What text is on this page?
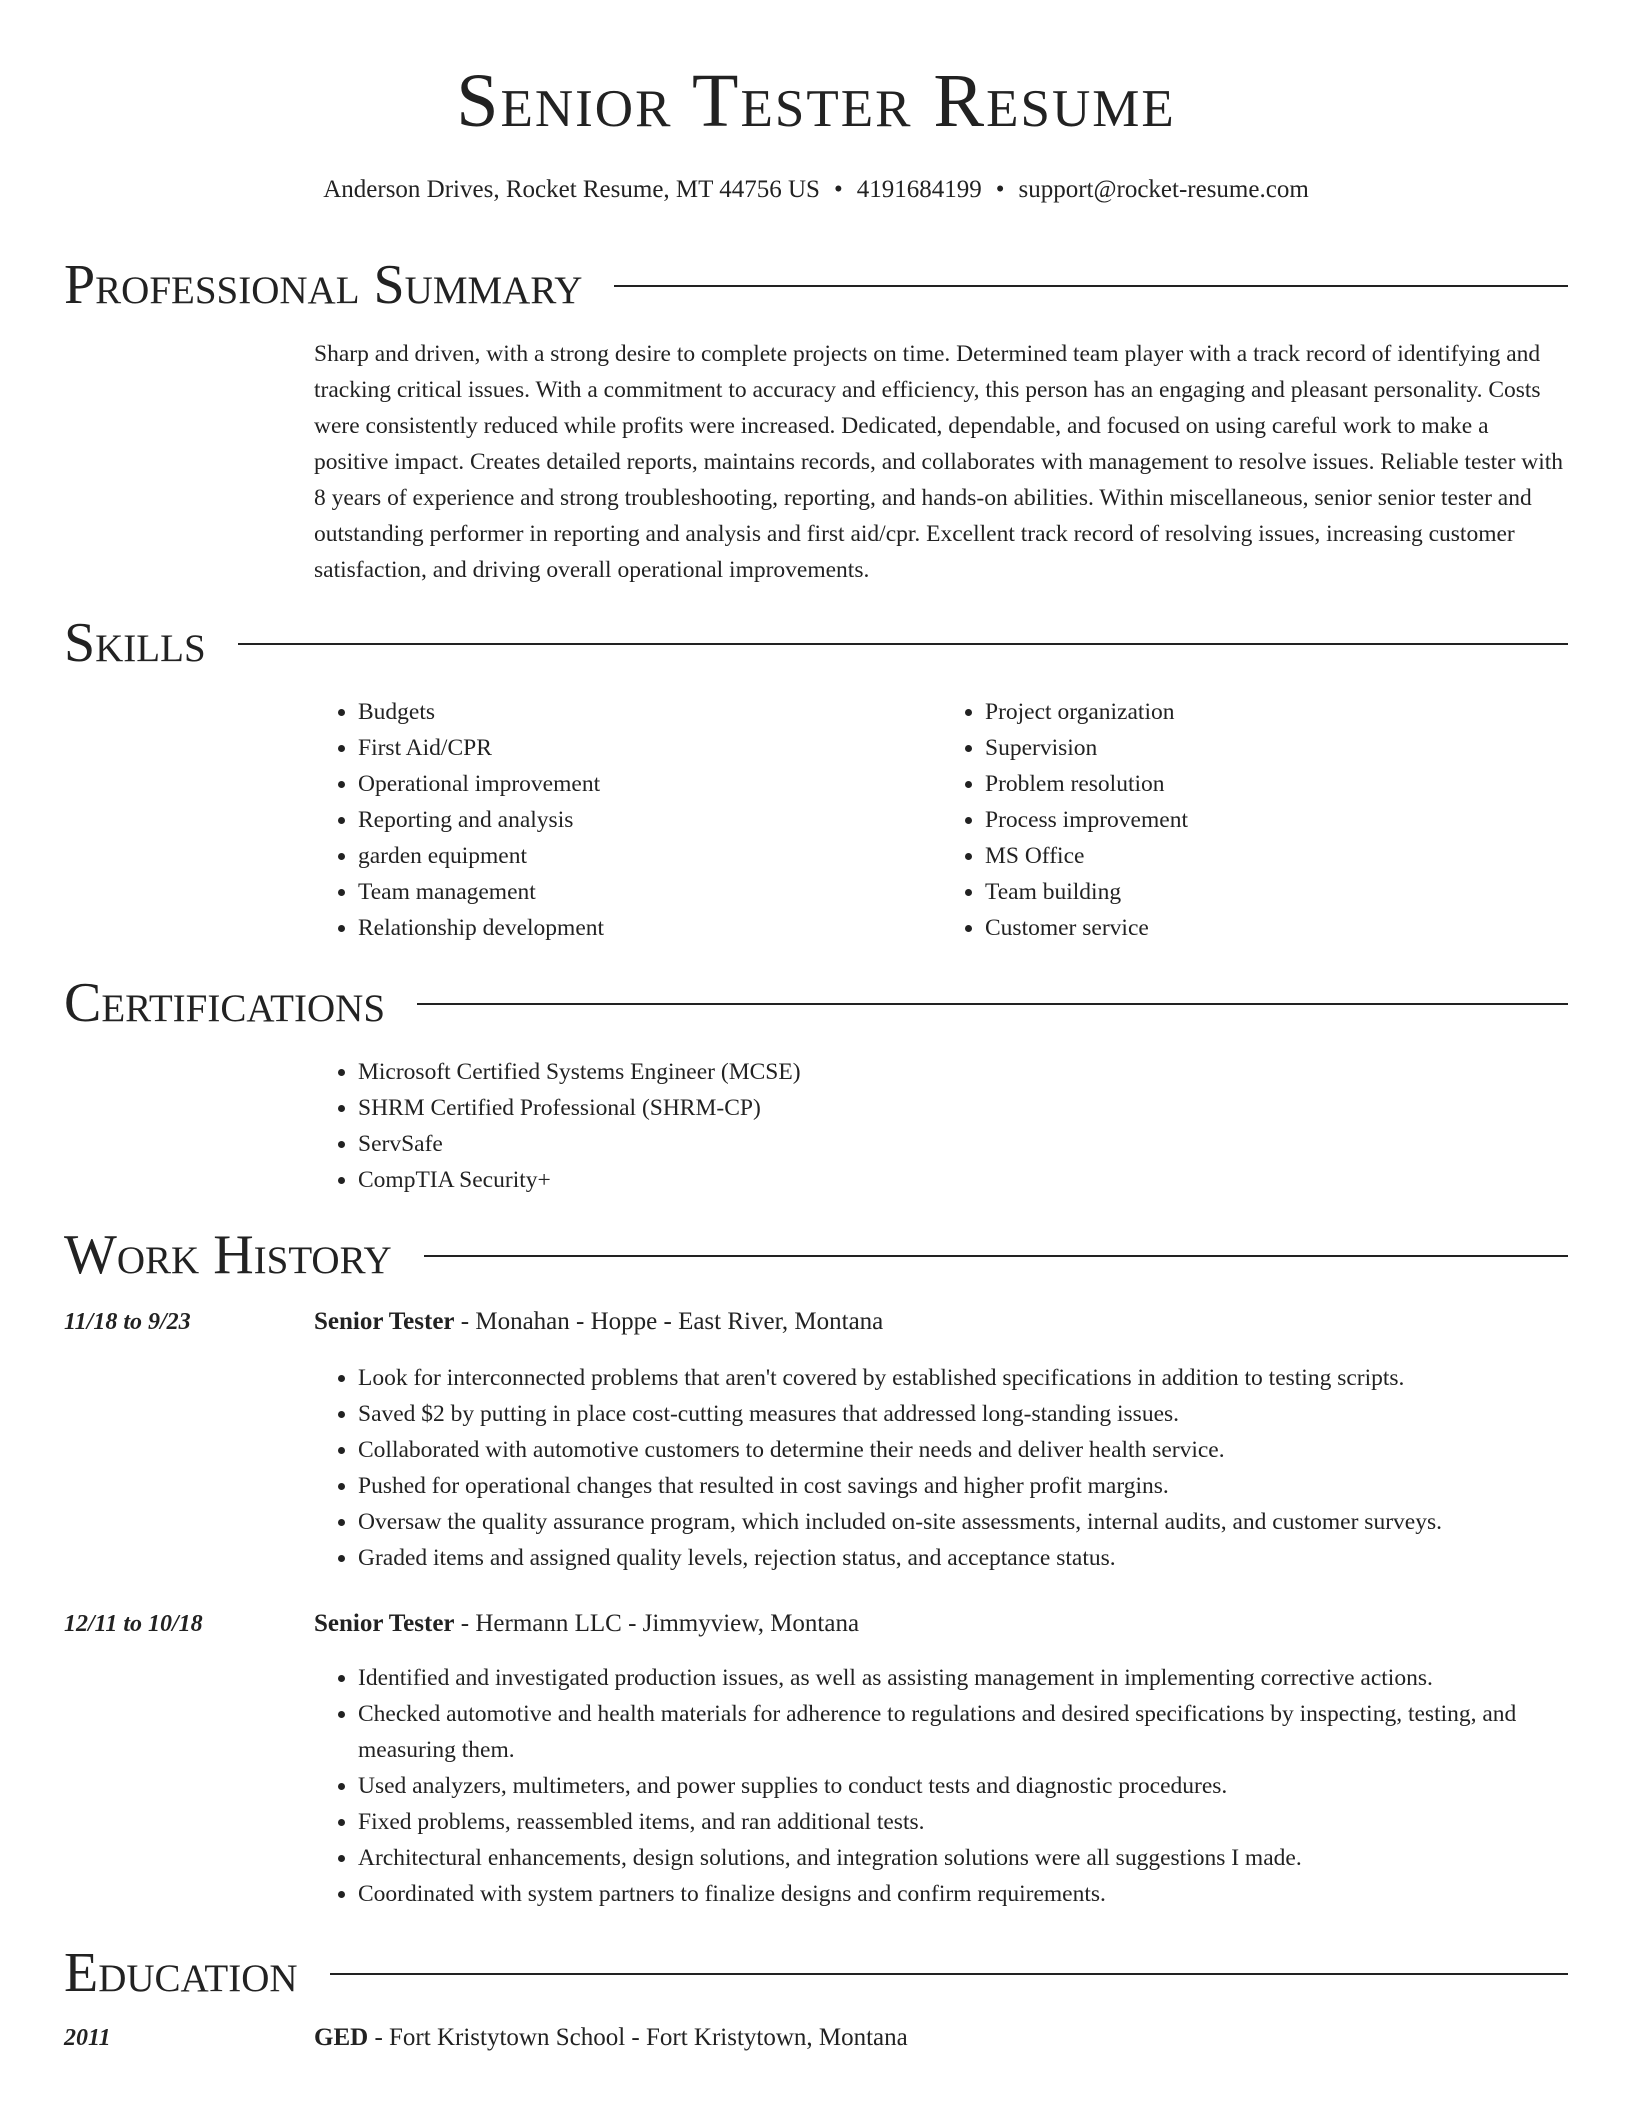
Senior Tester Resume
Anderson Drives, Rocket Resume, MT 44756 US • 4191684199 • support@rocket-resume.com
Professional Summary

Sharp and driven, with a strong desire to complete projects on time. Determined team player with a track record of identifying and tracking critical issues. With a commitment to accuracy and efficiency, this person has an engaging and pleasant personality. Costs were consistently reduced while profits were increased. Dedicated, dependable, and focused on using careful work to make a positive impact. Creates detailed reports, maintains records, and collaborates with management to resolve issues. Reliable tester with 8 years of experience and strong troubleshooting, reporting, and hands-on abilities. Within miscellaneous, senior senior tester and outstanding performer in reporting and analysis and first aid/cpr. Excellent track record of resolving issues, increasing customer satisfaction, and driving overall operational improvements.

Skills
• Budgets
• First Aid/CPR
• Operational improvement
• Reporting and analysis
• garden equipment
• Team management
• Relationship development
• Project organization
• Supervision
• Problem resolution
• Process improvement
• MS Office
• Team building
• Customer service
Certifications
• Microsoft Certified Systems Engineer (MCSE)
• SHRM Certified Professional (SHRM-CP)
• ServSafe
• CompTIA Security+
Work History
11/18 to 9/23	Senior Tester - Monahan - Hoppe - East River, Montana
• Look for interconnected problems that aren't covered by established specifications in addition to testing scripts.
• Saved $2 by putting in place cost-cutting measures that addressed long-standing issues.
• Collaborated with automotive customers to determine their needs and deliver health service.
• Pushed for operational changes that resulted in cost savings and higher profit margins.
• Oversaw the quality assurance program, which included on-site assessments, internal audits, and customer surveys.
• Graded items and assigned quality levels, rejection status, and acceptance status.
12/11 to 10/18	Senior Tester - Hermann LLC - Jimmyview, Montana
• Identified and investigated production issues, as well as assisting management in implementing corrective actions.
• Checked automotive and health materials for adherence to regulations and desired specifications by inspecting, testing, and measuring them.
• Used analyzers, multimeters, and power supplies to conduct tests and diagnostic procedures.
• Fixed problems, reassembled items, and ran additional tests.
• Architectural enhancements, design solutions, and integration solutions were all suggestions I made.
• Coordinated with system partners to finalize designs and confirm requirements.
Education
2011	GED - Fort Kristytown School - Fort Kristytown, Montana
